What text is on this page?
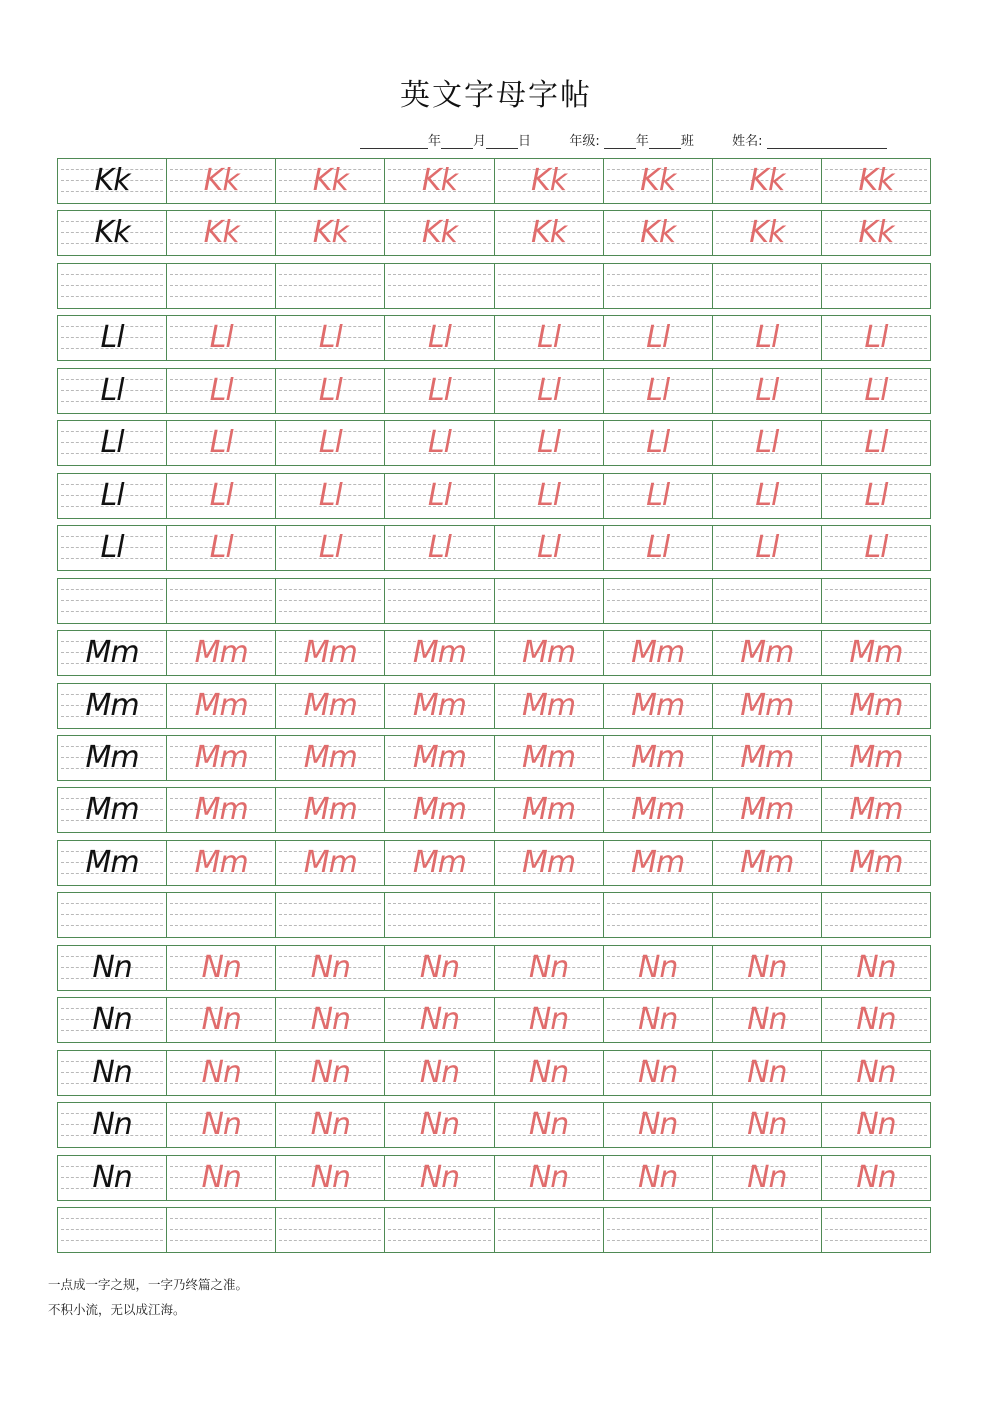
英文字母字帖
年 月 日	年级:	年 班	姓名:
Kk	Kk	Kk	Kk	Kk	Kk	Kk	Kk
Kk	Kk	Kk	Kk	Kk	Kk	Kk	Kk
Ll	Ll	Ll	Ll	Ll	Ll	Ll	Ll
Ll	Ll	Ll	Ll	Ll	Ll	Ll	Ll
Ll	Ll	Ll	Ll	Ll	Ll	Ll	Ll
Ll	Ll	Ll	Ll	Ll	Ll	Ll	Ll
Ll	Ll	Ll	Ll	Ll	Ll	Ll	Ll
Mm	Mm	Mm	Mm	Mm	Mm	Mm	Mm
Mm	Mm	Mm	Mm	Mm	Mm	Mm	Mm
Mm	Mm	Mm	Mm	Mm	Mm	Mm	Mm
Mm	Mm	Mm	Mm	Mm	Mm	Mm	Mm
Mm	Mm	Mm	Mm	Mm	Mm	Mm	Mm
Nn	Nn	Nn	Nn	Nn	Nn	Nn	Nn
Nn	Nn	Nn	Nn	Nn	Nn	Nn	Nn
Nn	Nn	Nn	Nn	Nn	Nn	Nn	Nn
Nn	Nn	Nn	Nn	Nn	Nn	Nn	Nn
Nn	Nn	Nn	Nn	Nn	Nn	Nn	Nn
一点成一字之规，一字乃终篇之准。
不积小流，无以成江海。
